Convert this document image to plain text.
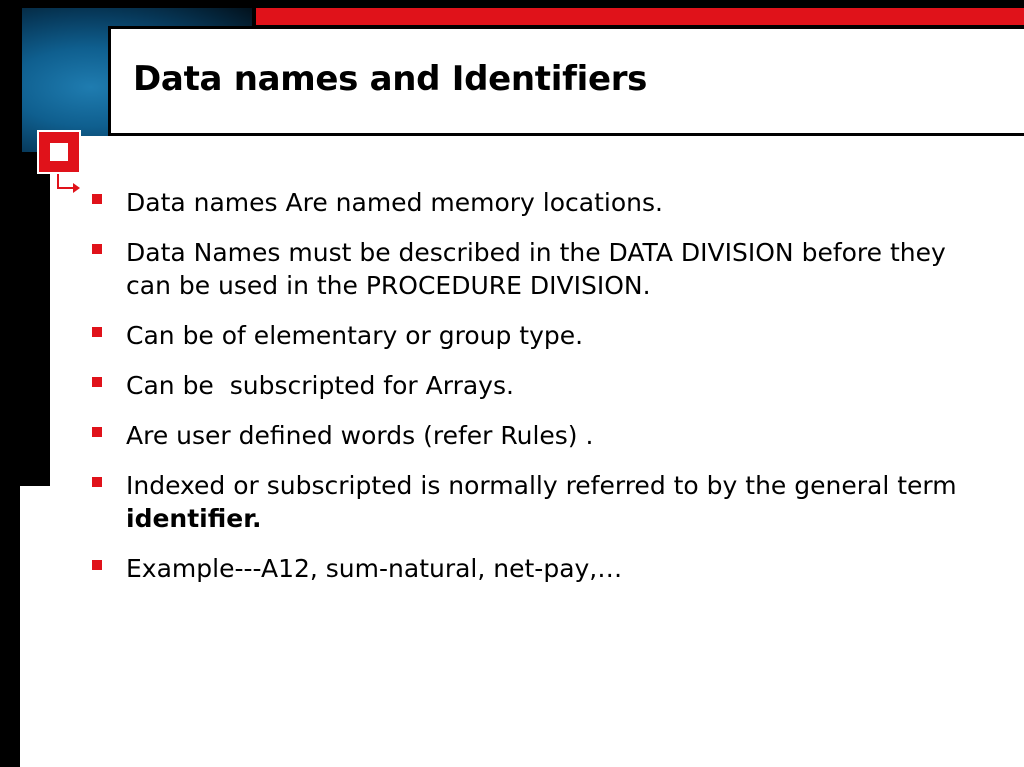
Data names and Identifiers
Data names Are named memory locations.
Data Names must be described in the DATA DIVISION before they can be used in the PROCEDURE DIVISION.
Can be of elementary or group type.
Can be  subscripted for Arrays.
Are user defined words (refer Rules) .
Indexed or subscripted is normally referred to by the general term identifier.
Example---A12, sum-natural, net-pay,…
